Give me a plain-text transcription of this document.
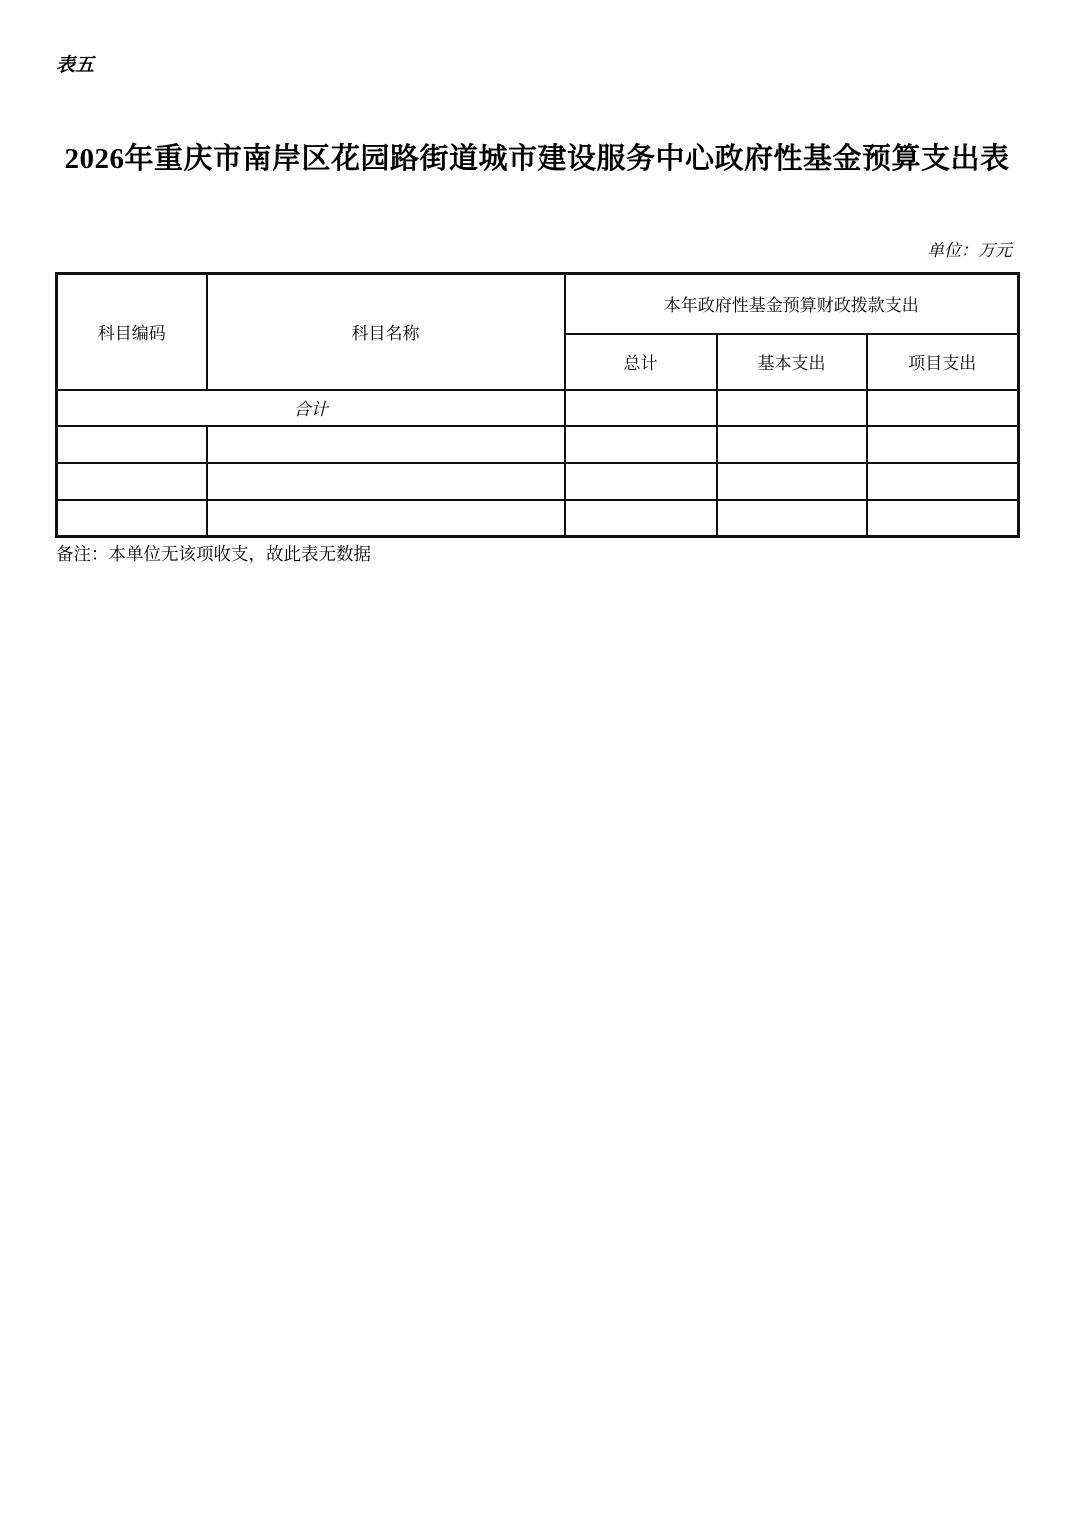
表五
2026年重庆市南岸区花园路街道城市建设服务中心政府性基金预算支出表
单位：万元
科目编码	科目名称	本年政府性基金预算财政拨款支出		
		总计	基本支出	项目支出
合计				

备注：本单位无该项收支，故此表无数据
